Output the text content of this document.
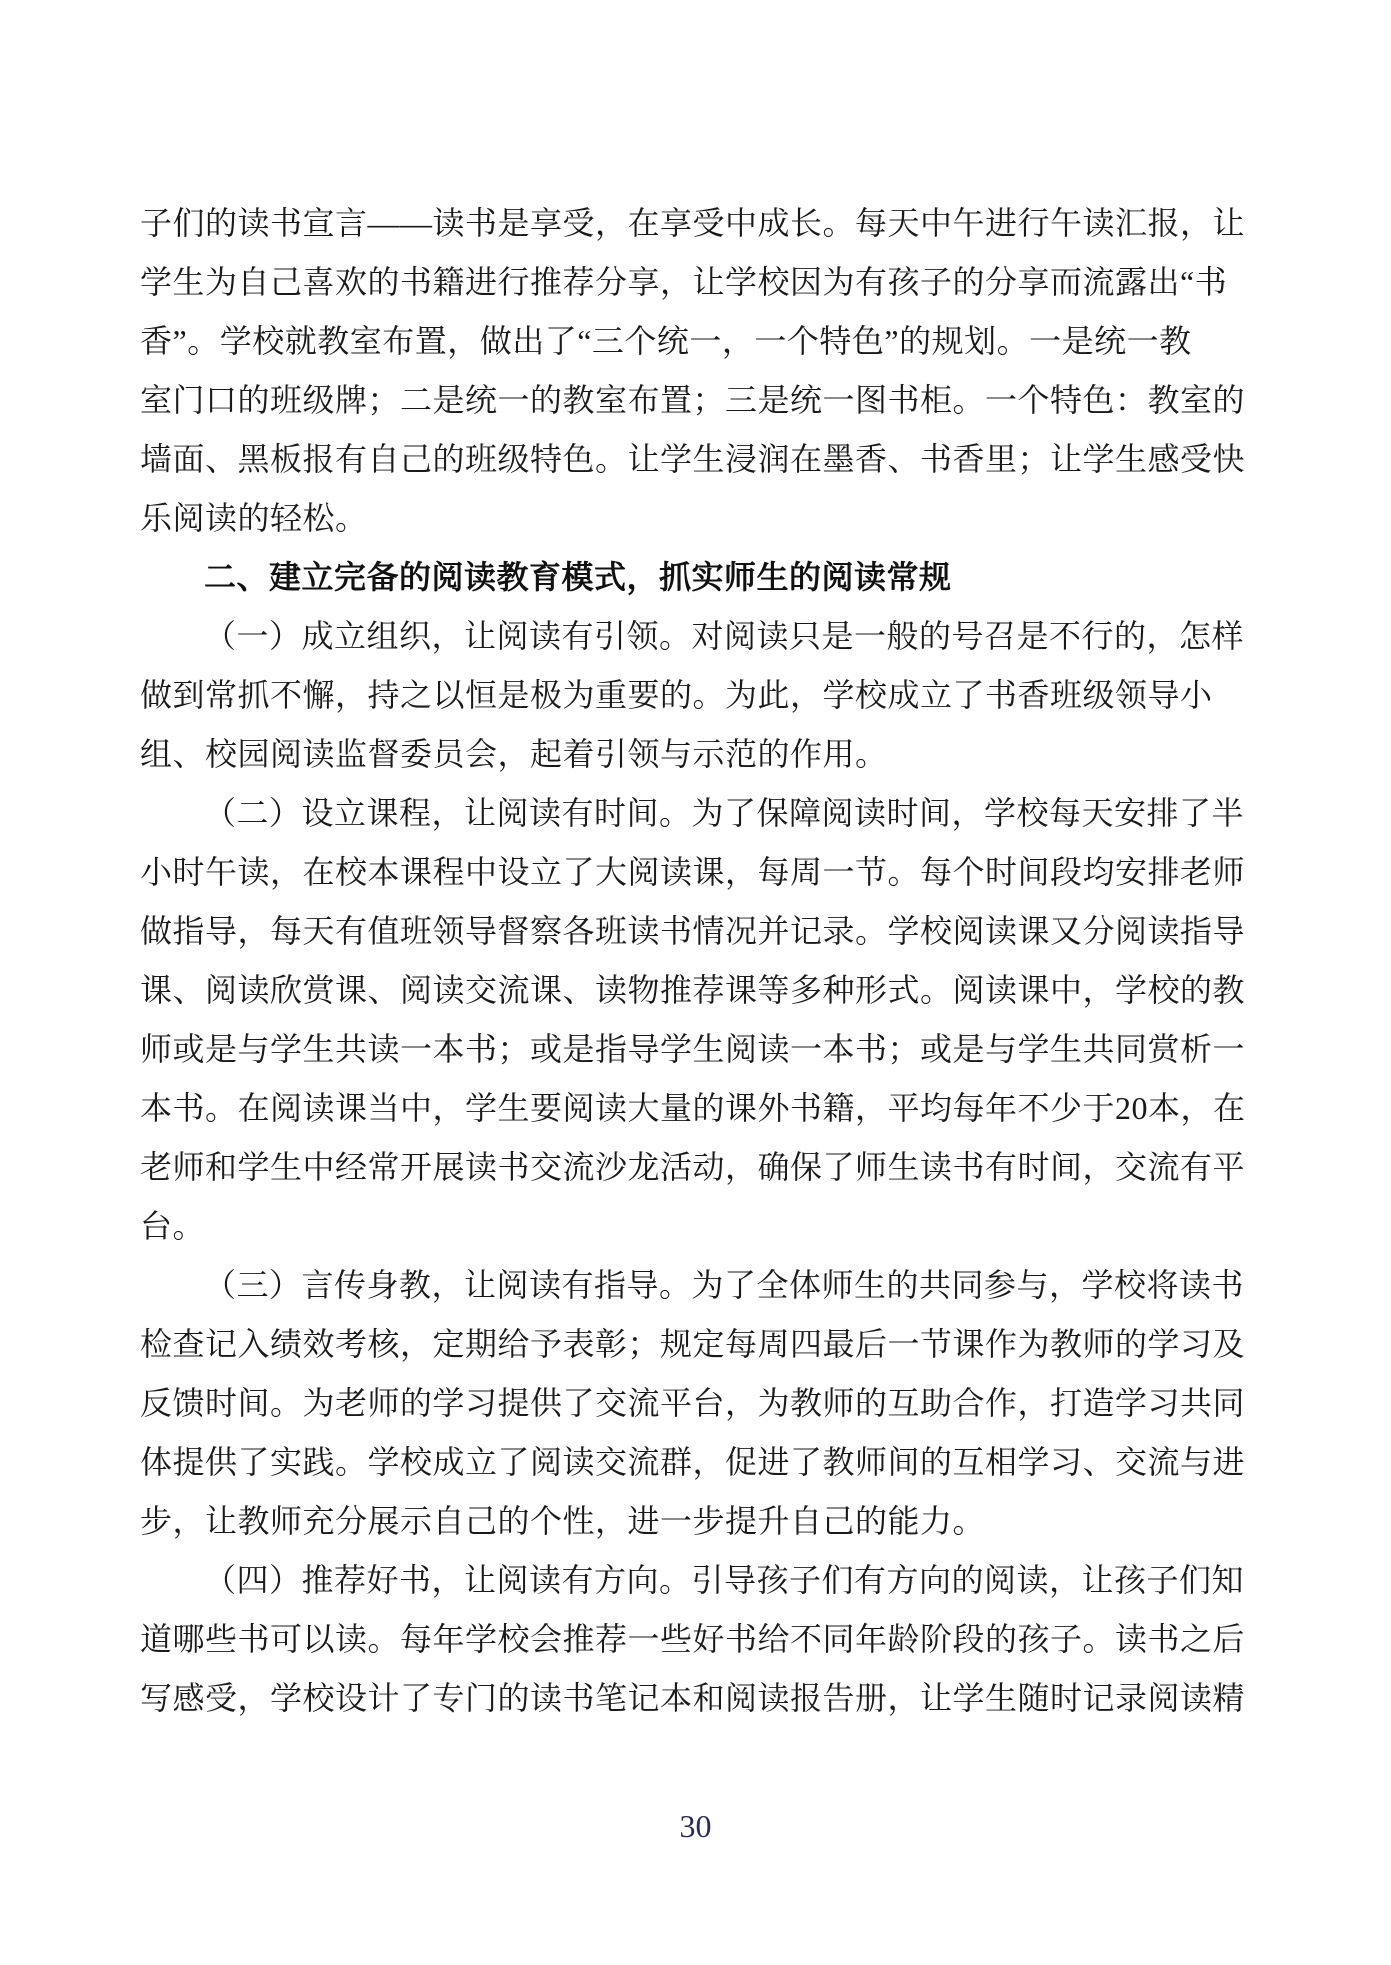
子们的读书宣言——读书是享受，在享受中成长。每天中午进行午读汇报，让
学生为自己喜欢的书籍进行推荐分享，让学校因为有孩子的分享而流露出“书
香”。学校就教室布置，做出了“三个统一，一个特色”的规划。一是统一教
室门口的班级牌；二是统一的教室布置；三是统一图书柜。一个特色：教室的
墙面、黑板报有自己的班级特色。让学生浸润在墨香、书香里；让学生感受快
乐阅读的轻松。
二、建立完备的阅读教育模式，抓实师生的阅读常规
（一）成立组织，让阅读有引领。对阅读只是一般的号召是不行的，怎样
做到常抓不懈，持之以恒是极为重要的。为此，学校成立了书香班级领导小
组、校园阅读监督委员会，起着引领与示范的作用。
（二）设立课程，让阅读有时间。为了保障阅读时间，学校每天安排了半
小时午读，在校本课程中设立了大阅读课，每周一节。每个时间段均安排老师
做指导，每天有值班领导督察各班读书情况并记录。学校阅读课又分阅读指导
课、阅读欣赏课、阅读交流课、读物推荐课等多种形式。阅读课中，学校的教
师或是与学生共读一本书；或是指导学生阅读一本书；或是与学生共同赏析一
本书。在阅读课当中，学生要阅读大量的课外书籍，平均每年不少于20本，在
老师和学生中经常开展读书交流沙龙活动，确保了师生读书有时间，交流有平
台。
（三）言传身教，让阅读有指导。为了全体师生的共同参与，学校将读书
检查记入绩效考核，定期给予表彰；规定每周四最后一节课作为教师的学习及
反馈时间。为老师的学习提供了交流平台，为教师的互助合作，打造学习共同
体提供了实践。学校成立了阅读交流群，促进了教师间的互相学习、交流与进
步，让教师充分展示自己的个性，进一步提升自己的能力。
（四）推荐好书，让阅读有方向。引导孩子们有方向的阅读，让孩子们知
道哪些书可以读。每年学校会推荐一些好书给不同年龄阶段的孩子。读书之后
写感受，学校设计了专门的读书笔记本和阅读报告册，让学生随时记录阅读精
30
